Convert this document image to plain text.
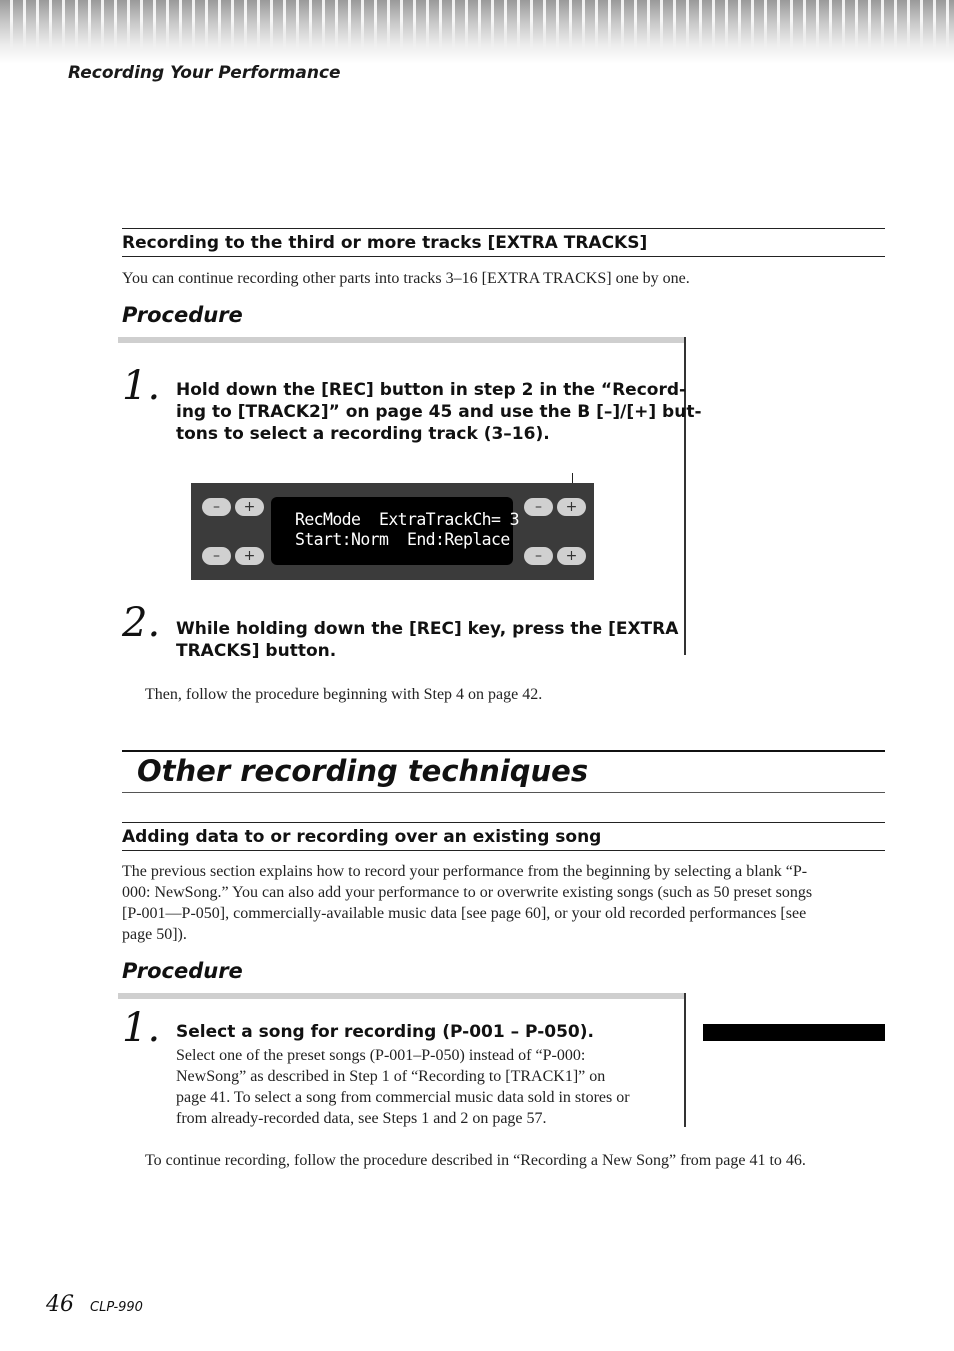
Recording Your Performance
Recording to the third or more tracks [EXTRA TRACKS]
You can continue recording other parts into tracks 3–16 [EXTRA TRACKS] one by one.
Procedure
1. Hold down the [REC] button in step 2 in the “Record-
ing to [TRACK2]” on page 45 and use the B [–]/[+] but-
tons to select a recording track (3–16).
–	+
–	+
RecMode  ExtraTrackCh= 3
Start:Norm  End:Replace
–	+
–	+
2. While holding down the [REC] key, press the [EXTRA
TRACKS] button.
Then, follow the procedure beginning with Step 4 on page 42.
Other recording techniques
Adding data to or recording over an existing song
The previous section explains how to record your performance from the beginning by selecting a blank “P-
000: NewSong.” You can also add your performance to or overwrite existing songs (such as 50 preset songs
[P-001—P-050], commercially-available music data [see page 60], or your old recorded performances [see
page 50]).
Procedure
1. Select a song for recording (P-001 – P-050).
Select one of the preset songs (P-001–P-050) instead of “P-000:
NewSong” as described in Step 1 of “Recording to [TRACK1]” on
page 41. To select a song from commercial music data sold in stores or
from already-recorded data, see Steps 1 and 2 on page 57.
To continue recording, follow the procedure described in “Recording a New Song” from page 41 to 46.
46 CLP-990
